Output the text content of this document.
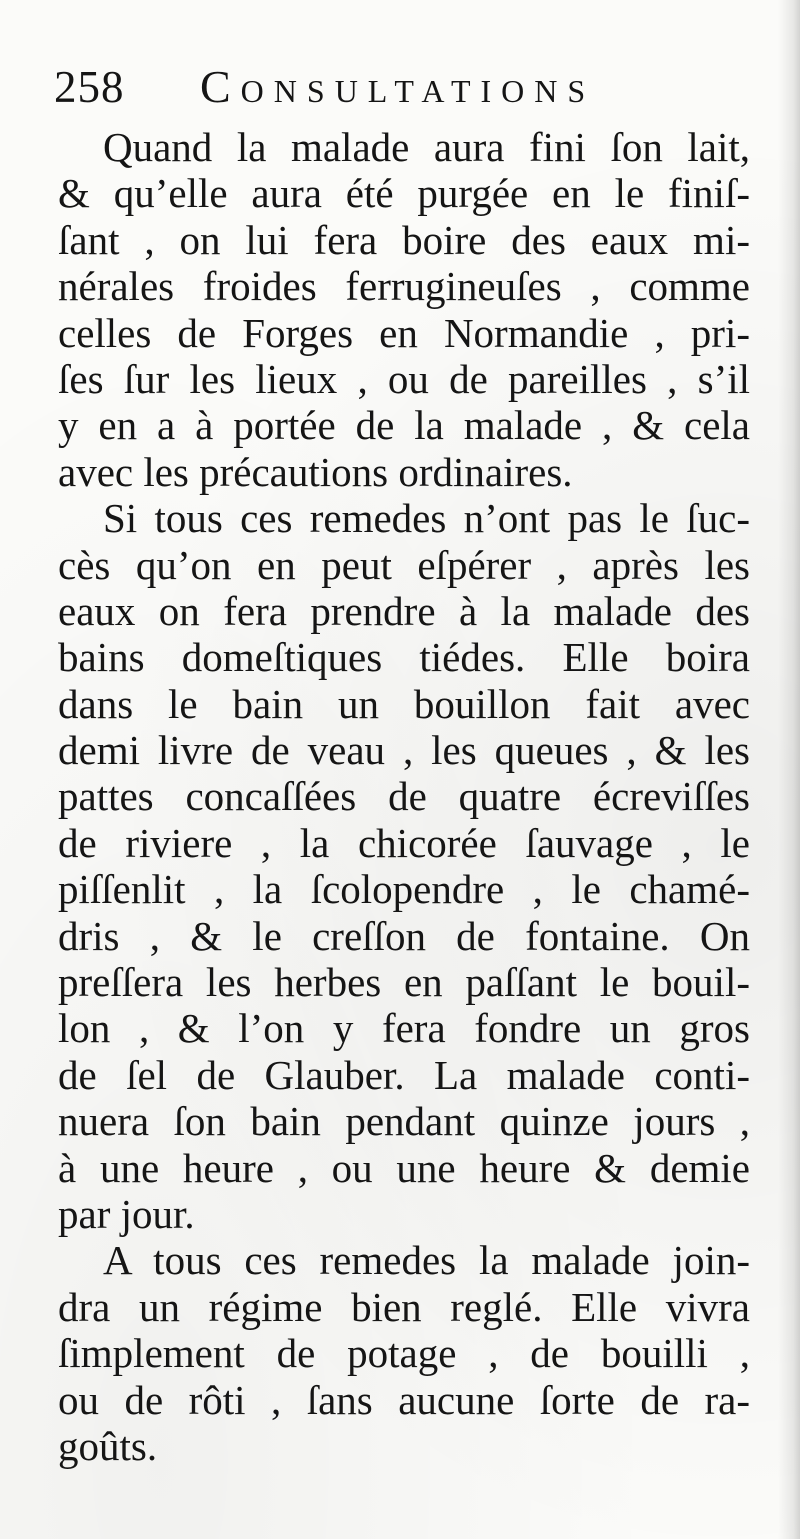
258 Consultations
Quand la malade aura fini ſon lait,
& qu’elle aura été purgée en le finiſ-
ſant , on lui fera boire des eaux mi-
nérales froides ferrugineuſes , comme
celles de Forges en Normandie , pri-
ſes ſur les lieux , ou de pareilles , s’il
y en a à portée de la malade , & cela
avec les précautions ordinaires.
Si tous ces remedes n’ont pas le ſuc-
cès qu’on en peut eſpérer , après les
eaux on fera prendre à la malade des
bains domeſtiques tiédes. Elle boira
dans le bain un bouillon fait avec
demi livre de veau , les queues , & les
pattes concaſſées de quatre écreviſſes
de riviere , la chicorée ſauvage , le
piſſenlit , la ſcolopendre , le chamé-
dris , & le creſſon de fontaine. On
preſſera les herbes en paſſant le bouil-
lon , & l’on y fera fondre un gros
de ſel de Glauber. La malade conti-
nuera ſon bain pendant quinze jours ,
à une heure , ou une heure & demie
par jour.
A tous ces remedes la malade join-
dra un régime bien reglé. Elle vivra
ſimplement de potage , de bouilli ,
ou de rôti , ſans aucune ſorte de ra-
goûts.
